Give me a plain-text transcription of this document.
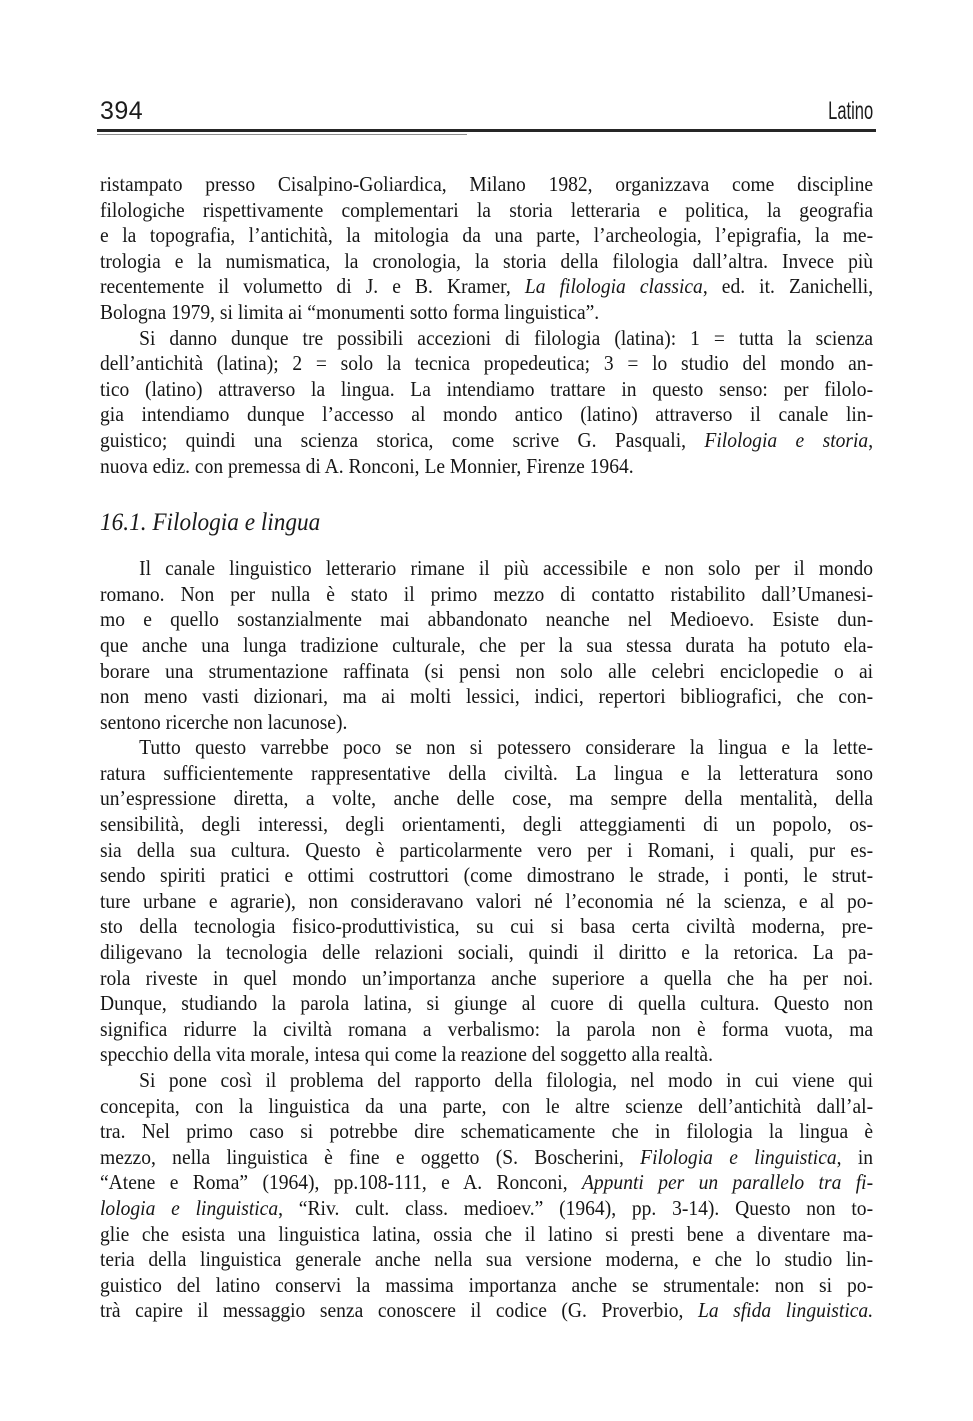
394	Latino
ristampato presso Cisalpino-Goliardica, Milano 1982, organizzava come discipline
filologiche rispettivamente complementari la storia letteraria e politica, la geografia
e la topografia, l’antichità, la mitologia da una parte, l’archeologia, l’epigrafia, la me-
trologia e la numismatica, la cronologia, la storia della filologia dall’altra. Invece più
recentemente il volumetto di J. e B. Kramer, La filologia classica, ed. it. Zanichelli,
Bologna 1979, si limita ai “monumenti sotto forma linguistica”.
Si danno dunque tre possibili accezioni di filologia (latina): 1 = tutta la scienza
dell’antichità (latina); 2 = solo la tecnica propedeutica; 3 = lo studio del mondo an-
tico (latino) attraverso la lingua. La intendiamo trattare in questo senso: per filolo-
gia intendiamo dunque l’accesso al mondo antico (latino) attraverso il canale lin-
guistico; quindi una scienza storica, come scrive G. Pasquali, Filologia e storia,
nuova ediz. con premessa di A. Ronconi, Le Monnier, Firenze 1964.
16.1. Filologia e lingua
Il canale linguistico letterario rimane il più accessibile e non solo per il mondo
romano. Non per nulla è stato il primo mezzo di contatto ristabilito dall’Umanesi-
mo e quello sostanzialmente mai abbandonato neanche nel Medioevo. Esiste dun-
que anche una lunga tradizione culturale, che per la sua stessa durata ha potuto ela-
borare una strumentazione raffinata (si pensi non solo alle celebri enciclopedie o ai
non meno vasti dizionari, ma ai molti lessici, indici, repertori bibliografici, che con-
sentono ricerche non lacunose).
Tutto questo varrebbe poco se non si potessero considerare la lingua e la lette-
ratura sufficientemente rappresentative della civiltà. La lingua e la letteratura sono
un’espressione diretta, a volte, anche delle cose, ma sempre della mentalità, della
sensibilità, degli interessi, degli orientamenti, degli atteggiamenti di un popolo, os-
sia della sua cultura. Questo è particolarmente vero per i Romani, i quali, pur es-
sendo spiriti pratici e ottimi costruttori (come dimostrano le strade, i ponti, le strut-
ture urbane e agrarie), non consideravano valori né l’economia né la scienza, e al po-
sto della tecnologia fisico-produttivistica, su cui si basa certa civiltà moderna, pre-
diligevano la tecnologia delle relazioni sociali, quindi il diritto e la retorica. La pa-
rola riveste in quel mondo un’importanza anche superiore a quella che ha per noi.
Dunque, studiando la parola latina, si giunge al cuore di quella cultura. Questo non
significa ridurre la civiltà romana a verbalismo: la parola non è forma vuota, ma
specchio della vita morale, intesa qui come la reazione del soggetto alla realtà.
Si pone così il problema del rapporto della filologia, nel modo in cui viene qui
concepita, con la linguistica da una parte, con le altre scienze dell’antichità dall’al-
tra. Nel primo caso si potrebbe dire schematicamente che in filologia la lingua è
mezzo, nella linguistica è fine e oggetto (S. Boscherini, Filologia e linguistica, in
“Atene e Roma” (1964), pp.108-111, e A. Ronconi, Appunti per un parallelo tra fi-
lologia e linguistica, “Riv. cult. class. medioev.” (1964), pp. 3-14). Questo non to-
glie che esista una linguistica latina, ossia che il latino si presti bene a diventare ma-
teria della linguistica generale anche nella sua versione moderna, e che lo studio lin-
guistico del latino conservi la massima importanza anche se strumentale: non si po-
trà capire il messaggio senza conoscere il codice (G. Proverbio, La sfida linguistica.
